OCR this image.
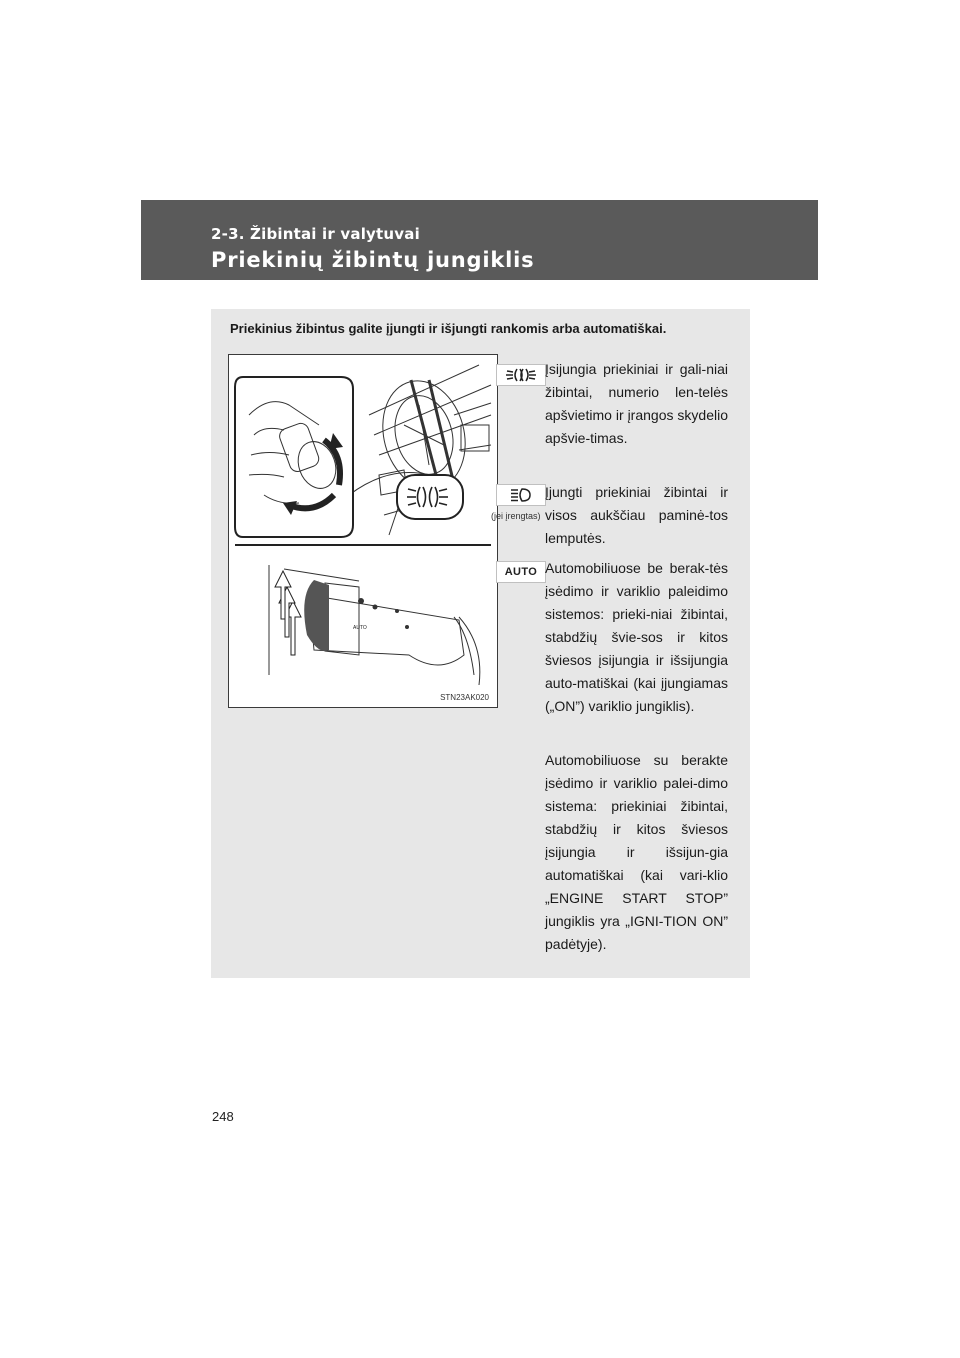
2-3. Žibintai ir valytuvai
Priekinių žibintų jungiklis
Priekinius žibintus galite įjungti ir išjungti rankomis arba automatiškai.
AUTO
STN23AK020
Įsijungia priekiniai ir gali-niai žibintai, numerio len-telės apšvietimo ir įrangos skydelio apšvie-timas.
(jei įrengtas)
Įjungti priekiniai žibintai ir visos aukščiau paminė-tos lemputės.
AUTO Automobiliuose be berak-tės įsėdimo ir variklio paleidimo sistemos: prieki-niai žibintai, stabdžių švie-sos ir kitos šviesos įsijungia ir išsijungia auto-matiškai (kai įjungiamas („ON”) variklio jungiklis).
Automobiliuose su berakte įsėdimo ir variklio palei-dimo sistema: priekiniai žibintai, stabdžių ir kitos šviesos įsijungia ir išsijun-gia automatiškai (kai vari-klio „ENGINE START STOP” jungiklis yra „IGNI-TION ON” padėtyje).
248
